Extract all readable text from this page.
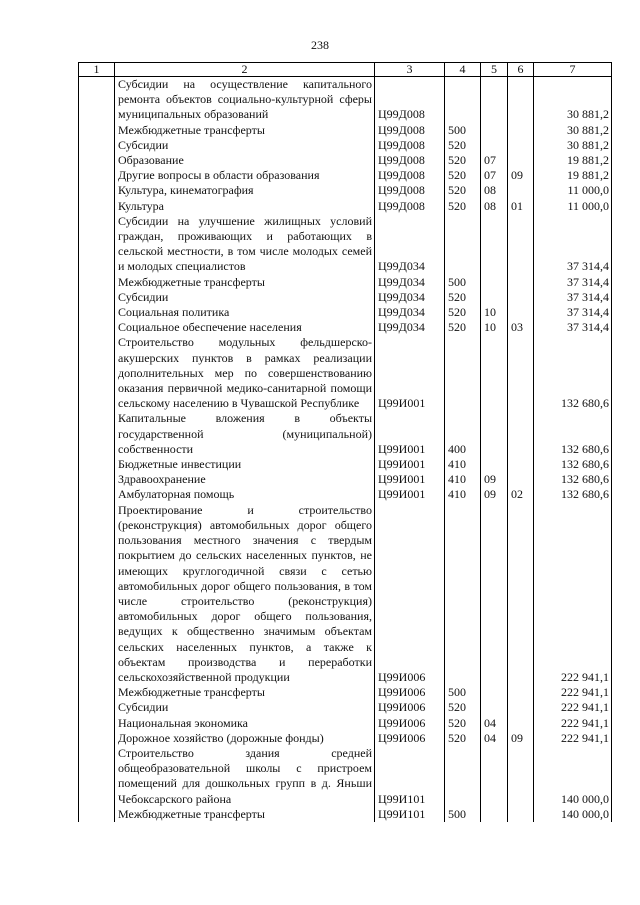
238
1	2	3	4	5	6	7
	Субсидии на осуществление капитального ремонта объектов социально-культурной сферы муниципальных образований	Ц99Д008				30 881,2
	Межбюджетные трансферты	Ц99Д008	500			30 881,2
	Субсидии	Ц99Д008	520			30 881,2
	Образование	Ц99Д008	520	07		19 881,2
	Другие вопросы в области образования	Ц99Д008	520	07	09	19 881,2
	Культура, кинематография	Ц99Д008	520	08		11 000,0
	Культура	Ц99Д008	520	08	01	11 000,0
	Субсидии на улучшение жилищных условий граждан, проживающих и работающих в сельской местности, в том числе молодых семей и молодых специалистов	Ц99Д034				37 314,4
	Межбюджетные трансферты	Ц99Д034	500			37 314,4
	Субсидии	Ц99Д034	520			37 314,4
	Социальная политика	Ц99Д034	520	10		37 314,4
	Социальное обеспечение населения	Ц99Д034	520	10	03	37 314,4
	Строительство модульных фельдшерско-акушерских пунктов в рамках реализации дополнительных мер по совершенствованию оказания первичной медико-санитарной помощи сельскому населению в Чувашской Республике	Ц99И001				132 680,6
	Капитальные вложения в объекты государственной (муниципальной) собственности	Ц99И001	400			132 680,6
	Бюджетные инвестиции	Ц99И001	410			132 680,6
	Здравоохранение	Ц99И001	410	09		132 680,6
	Амбулаторная помощь	Ц99И001	410	09	02	132 680,6
	Проектирование и строительство (реконструкция) автомобильных дорог общего пользования местного значения с твердым покрытием до сельских населенных пунктов, не имеющих круглогодичной связи с сетью автомобильных дорог общего пользования, в том числе строительство (реконструкция) автомобильных дорог общего пользования, ведущих к общественно значимым объектам сельских населенных пунктов, а также к объектам производства и переработки сельскохозяйственной продукции	Ц99И006				222 941,1
	Межбюджетные трансферты	Ц99И006	500			222 941,1
	Субсидии	Ц99И006	520			222 941,1
	Национальная экономика	Ц99И006	520	04		222 941,1
	Дорожное хозяйство (дорожные фонды)	Ц99И006	520	04	09	222 941,1
	Строительство здания средней общеобразовательной школы с пристроем помещений для дошкольных групп в д. Яньши Чебоксарского района	Ц99И101				140 000,0
	Межбюджетные трансферты	Ц99И101	500			140 000,0
